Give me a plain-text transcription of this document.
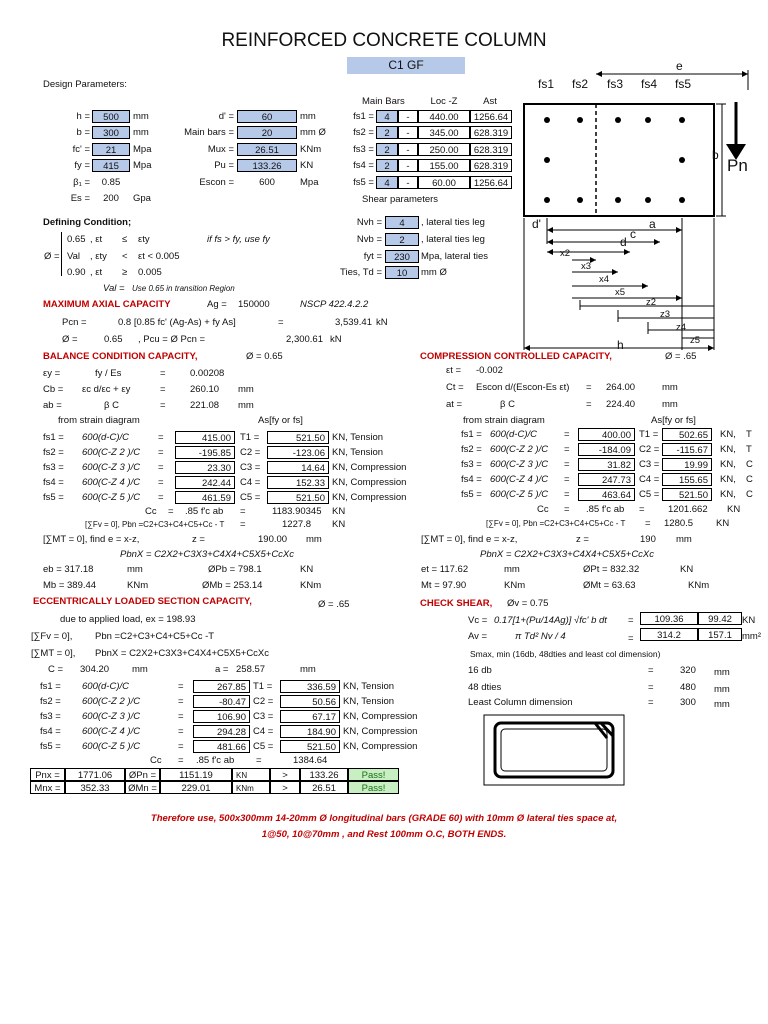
REINFORCED CONCRETE COLUMN
C1 GF
Design Parameters:
h =	500	mm
b =	300	mm
fc' =	21	Mpa
fy =	415	Mpa
β₁ =	0.85
Es =	200	Gpa
d' =	60	mm
Main bars =	20	mm Ø
Mux =	26.51	KNm
Pu =	133.26	KN
Escon =	600	Mpa
Main Bars	Loc -Z	Ast
fs1 =	4	-	440.00	1256.64
fs2 =	2	-	345.00	628.319
fs3 =	2	-	250.00	628.319
fs4 =	2	-	155.00	628.319
fs5 =	4	-	60.00	1256.64
Shear parameters
Nvh =	4	, lateral ties leg
Nvb =	2	, lateral ties leg
fyt =	230	Mpa, lateral ties
Ties, Td =	10	mm Ø
Defining Condition;
Ø =
0.65 , εt ≤ εty	if fs > fy, use fy
Val , εty < εt < 0.005
0.90 , εt ≥ 0.005
Val = Use 0.65 in transition Region
MAXIMUM AXIAL CAPACITY	Ag = 150000	NSCP 422.4.2.2
Pcn =	0.8 [0.85 fc' (Ag-As) + fy As]	=	3,539.41 kN
Ø =	0.65 , Pcu = Ø Pcn =	2,300.61 kN
BALANCE CONDITION CAPACITY,	Ø = 0.65
εy =	fy / Es	=	0.00208
Cb = εc d/εc + εy	=	260.10 mm
ab =	β C	=	221.08 mm
from strain diagram	As[fy or fs]
fs1 = 600(d-C)/C	=	415.00 T1 =	521.50 KN, Tension
fs2 = 600(C-Z 2 )/C =	-195.85 C2 =	-123.06 KN, Tension
fs3 = 600(C-Z 3 )/C =	23.30 C3 =	14.64 KN, Compression
fs4 = 600(C-Z 4 )/C =	242.44 C4 =	152.33 KN, Compression
fs5 = 600(C-Z 5 )/C =	461.59 C5 =	521.50 KN, Compression
Cc = .85 f'c ab =	1183.90345 KN
[∑Fv = 0], Pbn =C2+C3+C4+C5+Cc - T =	1227.8 KN
[∑MT = 0], find e = x-z,	z =	190.00 mm
PbnX = C2X2+C3X3+C4X4+C5X5+CcXc
eb = 317.18	mm	ØPb = 798.1	KN
Mb = 389.44	KNm	ØMb = 253.14	KNm
COMPRESSION CONTROLLED CAPACITY,	Ø = .65
εt = -0.002
Ct = Escon d/(Escon-Es εt) = 264.00	mm
at =	β C	= 224.40	mm
from strain diagram	As[fy or fs]
fs1 = 600(d-C)/C	=	400.00 T1 =	502.65	KN, T
fs2 = 600(C-Z 2 )/C =	-184.09 C2 =	-115.67	KN, T
fs3 = 600(C-Z 3 )/C =	31.82 C3 =	19.99	KN, C
fs4 = 600(C-Z 4 )/C =	247.73 C4 =	155.65	KN, C
fs5 = 600(C-Z 5 )/C =	463.64 C5 =	521.50	KN, C
Cc = .85 f'c ab = 1201.662 KN
[∑Fv = 0], Pbn =C2+C3+C4+C5+Cc - T = 1280.5 KN
[∑MT = 0], find e = x-z,	z =	190 mm
PbnX = C2X2+C3X3+C4X4+C5X5+CcXc
et = 117.62	mm	ØPt = 832.32	KN
Mt = 97.90	KNm	ØMt = 63.63	KNm
ECCENTRICALLY LOADED SECTION CAPACITY,	Ø = .65
due to applied load, ex = 198.93
[∑Fv = 0], Pbn =C2+C3+C4+C5+Cc -T
[∑MT = 0], PbnX = C2X2+C3X3+C4X4+C5X5+CcXc
C = 304.20 mm	a = 258.57	mm
fs1 = 600(d-C)/C	=	267.85 T1 =	336.59 KN, Tension
fs2 = 600(C-Z 2 )/C	=	-80.47 C2 =	50.56 KN, Tension
fs3 = 600(C-Z 3 )/C	=	106.90 C3 =	67.17 KN, Compression
fs4 = 600(C-Z 4 )/C	=	294.28 C4 =	184.90 KN, Compression
fs5 = 600(C-Z 5 )/C	=	481.66 C5 =	521.50 KN, Compression
Cc = .85 f'c ab =	1384.64
Pnx =	1771.06	ØPn =	1151.19	KN	>	133.26	Pass!
Mnx =	352.33	ØMn =	229.01	KNm	>	26.51	Pass!
CHECK SHEAR, Øv = 0.75
Vc = 0.17[1+(Pu/14Ag)] √fc' b dt =	109.36	99.42	KN
Av =	π Td² Nv / 4	=	314.2	157.1	mm²
Smax, min (16db, 48dties and least col dimension)
16 db	=	320 mm
48 dties	=	480 mm
Least Column dimension	=	300 mm
e
fs1 fs2 fs3 fs4 fs5
Pn
b
d'	a
c
d
x2
x3
x4
x5
z2
z3
z4
z5
h
Therefore use, 500x300mm 14-20mm Ø longitudinal bars (GRADE 60) with 10mm Ø lateral ties space at,
1@50, 10@70mm , and Rest 100mm O.C, BOTH ENDS.
